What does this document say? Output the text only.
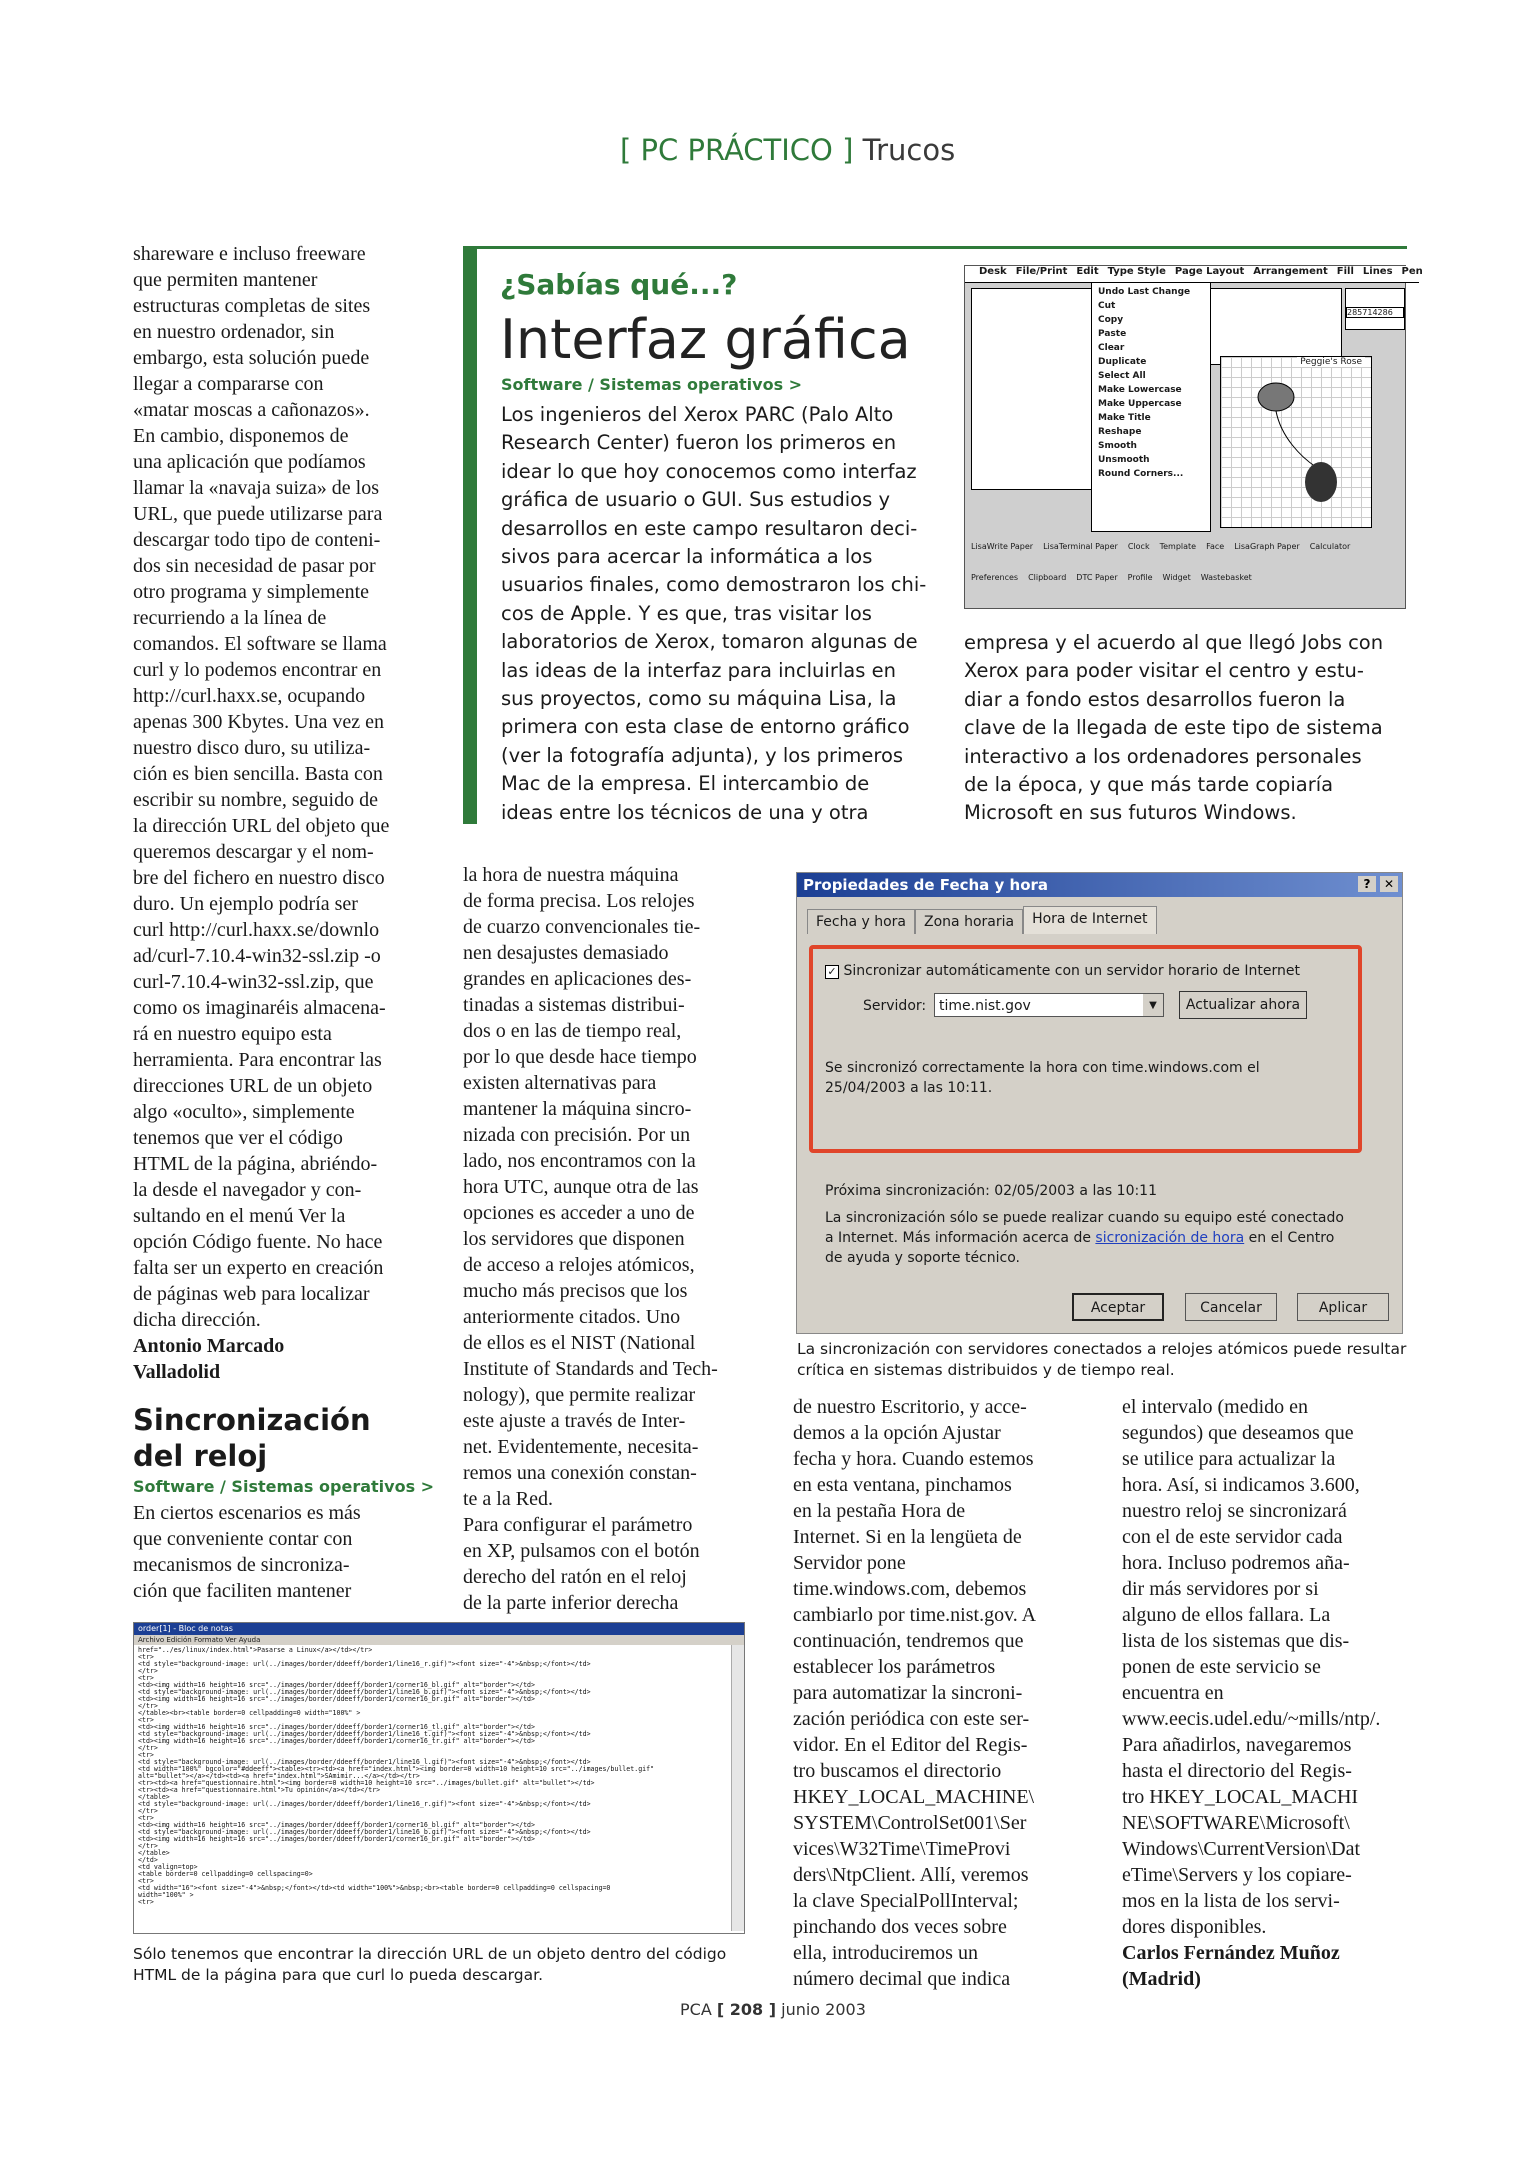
[ PC PRÁCTICO ] Trucos
shareware e incluso freeware
que permiten mantener
estructuras completas de sites
en nuestro ordenador, sin
embargo, esta solución puede
llegar a compararse con
«matar moscas a cañonazos».
En cambio, disponemos de
una aplicación que podíamos
llamar la «navaja suiza» de los
URL, que puede utilizarse para
descargar todo tipo de conteni-
dos sin necesidad de pasar por
otro programa y simplemente
recurriendo a la línea de
comandos. El software se llama
curl y lo podemos encontrar en
http://curl.haxx.se, ocupando
apenas 300 Kbytes. Una vez en
nuestro disco duro, su utiliza-
ción es bien sencilla. Basta con
escribir su nombre, seguido de
la dirección URL del objeto que
queremos descargar y el nom-
bre del fichero en nuestro disco
duro. Un ejemplo podría ser
curl http://curl.haxx.se/downlo
ad/curl-7.10.4-win32-ssl.zip -o
curl-7.10.4-win32-ssl.zip, que
como os imaginaréis almacena-
rá en nuestro equipo esta
herramienta. Para encontrar las
direcciones URL de un objeto
algo «oculto», simplemente
tenemos que ver el código
HTML de la página, abriéndo-
la desde el navegador y con-
sultando en el menú Ver la
opción Código fuente. No hace
falta ser un experto en creación
de páginas web para localizar
dicha dirección.

Antonio Marcado

Valladolid

Sincronización
del reloj
Software / Sistemas operativos >
En ciertos escenarios es más
que conveniente contar con
mecanismos de sincroniza-
ción que faciliten mantener
¿Sabías qué...?
Interfaz gráfica
Software / Sistemas operativos >
Los ingenieros del Xerox PARC (Palo Alto
Research Center) fueron los primeros en
idear lo que hoy conocemos como interfaz
gráfica de usuario o GUI. Sus estudios y
desarrollos en este campo resultaron deci-
sivos para acercar la informática a los
usuarios finales, como demostraron los chi-
cos de Apple. Y es que, tras visitar los
laboratorios de Xerox, tomaron algunas de
las ideas de la interfaz para incluirlas en
sus proyectos, como su máquina Lisa, la
primera con esta clase de entorno gráfico
(ver la fotografía adjunta), y los primeros
Mac de la empresa. El intercambio de
ideas entre los técnicos de una y otra
empresa y el acuerdo al que llegó Jobs con
Xerox para poder visitar el centro y estu-
diar a fondo estos desarrollos fueron la
clave de la llegada de este tipo de sistema
interactivo a los ordenadores personales
de la época, y que más tarde copiaría
Microsoft en sus futuros Windows.
Desk File/Print Edit Type Style Page Layout Arrangement Fill Lines Pen
Peggie's Rose
285714286
Undo Last Change
Cut
Copy
Paste
Clear
Duplicate
Select All
Make Lowercase
Make Uppercase
Make Title
Reshape
Smooth
Unsmooth
Round Corners...
LisaWrite Paper LisaTerminal Paper Clock Template Face LisaGraph Paper Calculator
Preferences Clipboard DTC Paper Profile Widget Wastebasket
la hora de nuestra máquina
de forma precisa. Los relojes
de cuarzo convencionales tie-
nen desajustes demasiado
grandes en aplicaciones des-
tinadas a sistemas distribui-
dos o en las de tiempo real,
por lo que desde hace tiempo
existen alternativas para
mantener la máquina sincro-
nizada con precisión. Por un
lado, nos encontramos con la
hora UTC, aunque otra de las
opciones es acceder a uno de
los servidores que disponen
de acceso a relojes atómicos,
mucho más precisos que los
anteriormente citados. Uno
de ellos es el NIST (National
Institute of Standards and Tech-
nology), que permite realizar
este ajuste a través de Inter-
net. Evidentemente, necesita-
remos una conexión constan-
te a la Red.
Para configurar el parámetro
en XP, pulsamos con el botón
derecho del ratón en el reloj
de la parte inferior derecha
Propiedades de Fecha y hora	?	✕
Fecha y hora	Zona horaria	Hora de Internet
✓ Sincronizar automáticamente con un servidor horario de Internet
Servidor: time.nist.gov	▼	Actualizar ahora
Se sincronizó correctamente la hora con time.windows.com el 25/04/2003 a las 10:11.
Próxima sincronización: 02/05/2003 a las 10:11
La sincronización sólo se puede realizar cuando su equipo esté conectado
a Internet. Más información acerca de sicronización de hora en el Centro
de ayuda y soporte técnico.
Aceptar	Cancelar	Aplicar
La sincronización con servidores conectados a relojes atómicos puede resultar
crítica en sistemas distribuidos y de tiempo real.
de nuestro Escritorio, y acce-
demos a la opción Ajustar
fecha y hora. Cuando estemos
en esta ventana, pinchamos
en la pestaña Hora de
Internet. Si en la lengüeta de
Servidor pone
time.windows.com, debemos
cambiarlo por time.nist.gov. A
continuación, tendremos que
establecer los parámetros
para automatizar la sincroni-
zación periódica con este ser-
vidor. En el Editor del Regis-
tro buscamos el directorio
HKEY_LOCAL_MACHINE\
SYSTEM\ControlSet001\Ser
vices\W32Time\TimeProvi
ders\NtpClient. Allí, veremos
la clave SpecialPollInterval;
pinchando dos veces sobre
ella, introduciremos un
número decimal que indica
el intervalo (medido en
segundos) que deseamos que
se utilice para actualizar la
hora. Así, si indicamos 3.600,
nuestro reloj se sincronizará
con el de este servidor cada
hora. Incluso podremos aña-
dir más servidores por si
alguno de ellos fallara. La
lista de los sistemas que dis-
ponen de este servicio se
encuentra en
www.eecis.udel.edu/~mills/ntp/.
Para añadirlos, navegaremos
hasta el directorio del Regis-
tro HKEY_LOCAL_MACHI
NE\SOFTWARE\Microsoft\
Windows\CurrentVersion\Dat
eTime\Servers y los copiare-
mos en la lista de los servi-
dores disponibles.

Carlos Fernández Muñoz

(Madrid)

order[1] - Bloc de notas
Archivo Edición Formato Ver Ayuda
href="../es/linux/index.html">Pasarse a Linux</a></td></tr>
<tr>
<td style="background-image: url(../images/border/ddeeff/border1/line16_r.gif)"><font size="-4">&nbsp;</font></td>
</tr>
<tr>
<td><img width=16 height=16 src="../images/border/ddeeff/border1/corner16_bl.gif" alt="border"></td>
<td style="background-image: url(../images/border/ddeeff/border1/line16_b.gif)"><font size="-4">&nbsp;</font></td>
<td><img width=16 height=16 src="../images/border/ddeeff/border1/corner16_br.gif" alt="border"></td>
</tr>
</table><br><table border=0 cellpadding=0 width="100%" >
<tr>
<td><img width=16 height=16 src="../images/border/ddeeff/border1/corner16_tl.gif" alt="border"></td>
<td style="background-image: url(../images/border/ddeeff/border1/line16_t.gif)"><font size="-4">&nbsp;</font></td>
<td><img width=16 height=16 src="../images/border/ddeeff/border1/corner16_tr.gif" alt="border"></td>
</tr>
<tr>
<td style="background-image: url(../images/border/ddeeff/border1/line16_l.gif)"><font size="-4">&nbsp;</font></td>
<td width="100%" bgcolor="#ddeeff"><table><tr><td><a href="index.html"><img border=0 width=10 height=10 src="../images/bullet.gif"
alt="bullet"></a></td><td><a href="index.html">SAmimir...</a></td></tr>
<tr><td><a href="questionnaire.html"><img border=0 width=10 height=10 src="../images/bullet.gif" alt="bullet"></td>
<tr><td><a href="questionnaire.html">Tu opinión</a></td></tr>
</table>
<td style="background-image: url(../images/border/ddeeff/border1/line16_r.gif)"><font size="-4">&nbsp;</font></td>
</tr>
<tr>
<td><img width=16 height=16 src="../images/border/ddeeff/border1/corner16_bl.gif" alt="border"></td>
<td style="background-image: url(../images/border/ddeeff/border1/line16_b.gif)"><font size="-4">&nbsp;</font></td>
<td><img width=16 height=16 src="../images/border/ddeeff/border1/corner16_br.gif" alt="border"></td>
</tr>
</table>
</td>
<td valign=top>
<table border=0 cellpadding=0 cellspacing=0>
<tr>
<td width="16"><font size="-4">&nbsp;</font></td><td width="100%">&nbsp;<br><table border=0 cellpadding=0 cellspacing=0
width="100%" >
<tr>
Sólo tenemos que encontrar la dirección URL de un objeto dentro del código
HTML de la página para que curl lo pueda descargar.
PCA [ 208 ] junio 2003
